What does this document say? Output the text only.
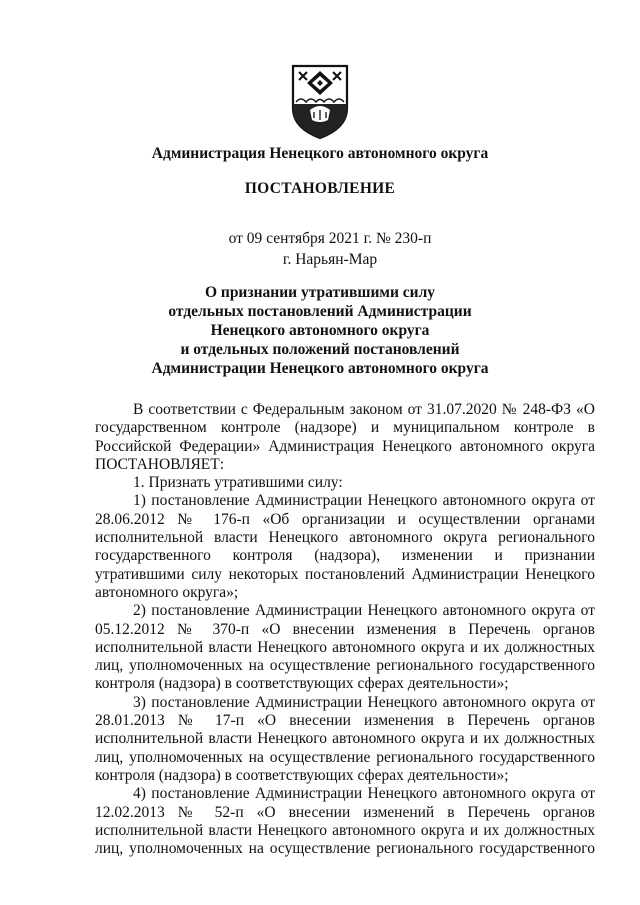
Администрация Ненецкого автономного округа
ПОСТАНОВЛЕНИЕ
от 09 сентября 2021 г. № 230-п
г. Нарьян-Мар
О признании утратившими силу
отдельных постановлений Администрации
Ненецкого автономного округа
и отдельных положений постановлений
Администрации Ненецкого автономного округа

В соответствии с Федеральным законом от 31.07.2020 № 248-ФЗ «О государственном контроле (надзоре) и муниципальном контроле в Российской Федерации» Администрация Ненецкого автономного округа ПОСТАНОВЛЯЕТ:

1. Признать утратившими силу:

1) постановление Администрации Ненецкого автономного округа от 28.06.2012 № 176-п «Об организации и осуществлении органами исполнительной власти Ненецкого автономного округа регионального государственного контроля (надзора), изменении и признании утратившими силу некоторых постановлений Администрации Ненецкого автономного округа»;

2) постановление Администрации Ненецкого автономного округа от 05.12.2012 № 370-п «О внесении изменения в Перечень органов исполнительной власти Ненецкого автономного округа и их должностных лиц, уполномоченных на осуществление регионального государственного контроля (надзора) в соответствующих сферах деятельности»;

3) постановление Администрации Ненецкого автономного округа от 28.01.2013 № 17-п «О внесении изменения в Перечень органов исполнительной власти Ненецкого автономного округа и их должностных лиц, уполномоченных на осуществление регионального государственного контроля (надзора) в соответствующих сферах деятельности»;

4) постановление Администрации Ненецкого автономного округа от 12.02.2013 № 52-п «О внесении изменений в Перечень органов исполнительной власти Ненецкого автономного округа и их должностных лиц, уполномоченных на осуществление регионального государственного
